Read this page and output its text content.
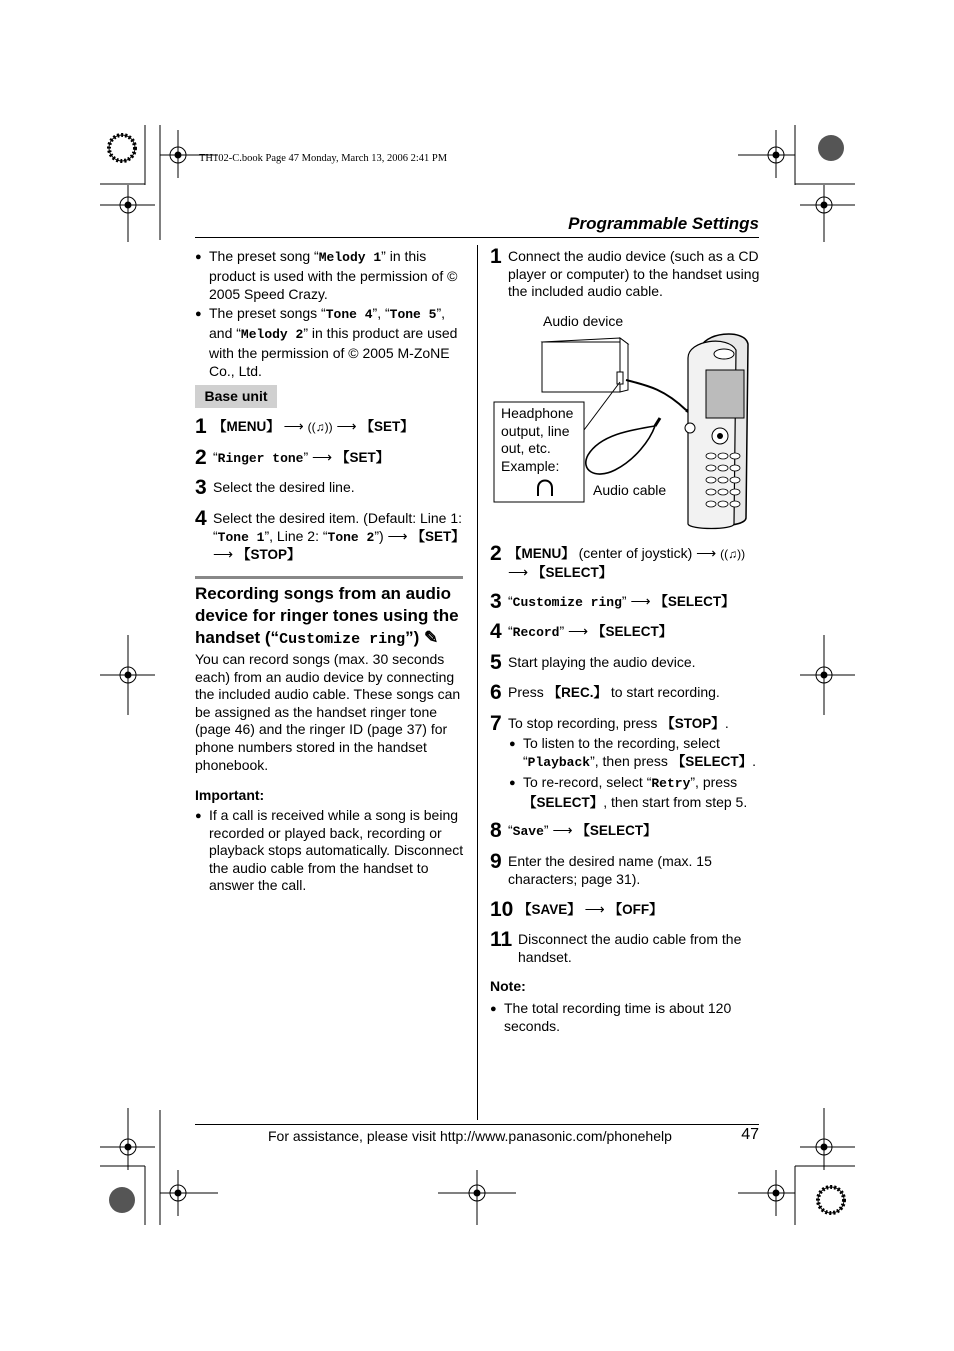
TH102-C.book Page 47 Monday, March 13, 2006 2:41 PM
Programmable Settings
● The preset song “Melody 1” in this product is used with the permission of © 2005 Speed Crazy.
● The preset songs “Tone 4”, “Tone 5”, and “Melody 2” in this product are used with the permission of © 2005 M-ZoNE Co., Ltd.
Base unit
1 【MENU】 ⟶ ((♫)) ⟶ 【SET】
2 “Ringer tone” ⟶ 【SET】
3 Select the desired line.
4 Select the desired item. (Default: Line 1: “Tone 1”, Line 2: “Tone 2”) ⟶ 【SET】 ⟶ 【STOP】
Recording songs from an audio
device for ringer tones using the
handset (“Customize ring”) ✎
You can record songs (max. 30 seconds each) from an audio device by connecting the included audio cable. These songs can be assigned as the handset ringer tone (page 46) and the ringer ID (page 37) for phone numbers stored in the handset phonebook.
Important:
● If a call is received while a song is being recorded or played back, recording or playback stops automatically. Disconnect the audio cable from the handset to answer the call.
1 Connect the audio device (such as a CD player or computer) to the handset using the included audio cable.
Audio device
Headphone
output, line
out, etc.
Example:
Audio cable
2 【MENU】 (center of joystick) ⟶ ((♫))
⟶ 【SELECT】
3 “Customize ring” ⟶ 【SELECT】
4 “Record” ⟶ 【SELECT】
5 Start playing the audio device.
6 Press 【REC.】 to start recording.
7 To stop recording, press 【STOP】.
● To listen to the recording, select “Playback”, then press 【SELECT】.
● To re-record, select “Retry”, press 【SELECT】, then start from step 5.
8 “Save” ⟶ 【SELECT】
9 Enter the desired name (max. 15 characters; page 31).
10 【SAVE】 ⟶ 【OFF】
11 Disconnect the audio cable from the handset.
Note:
● The total recording time is about 120 seconds.
For assistance, please visit http://www.panasonic.com/phonehelp	47
